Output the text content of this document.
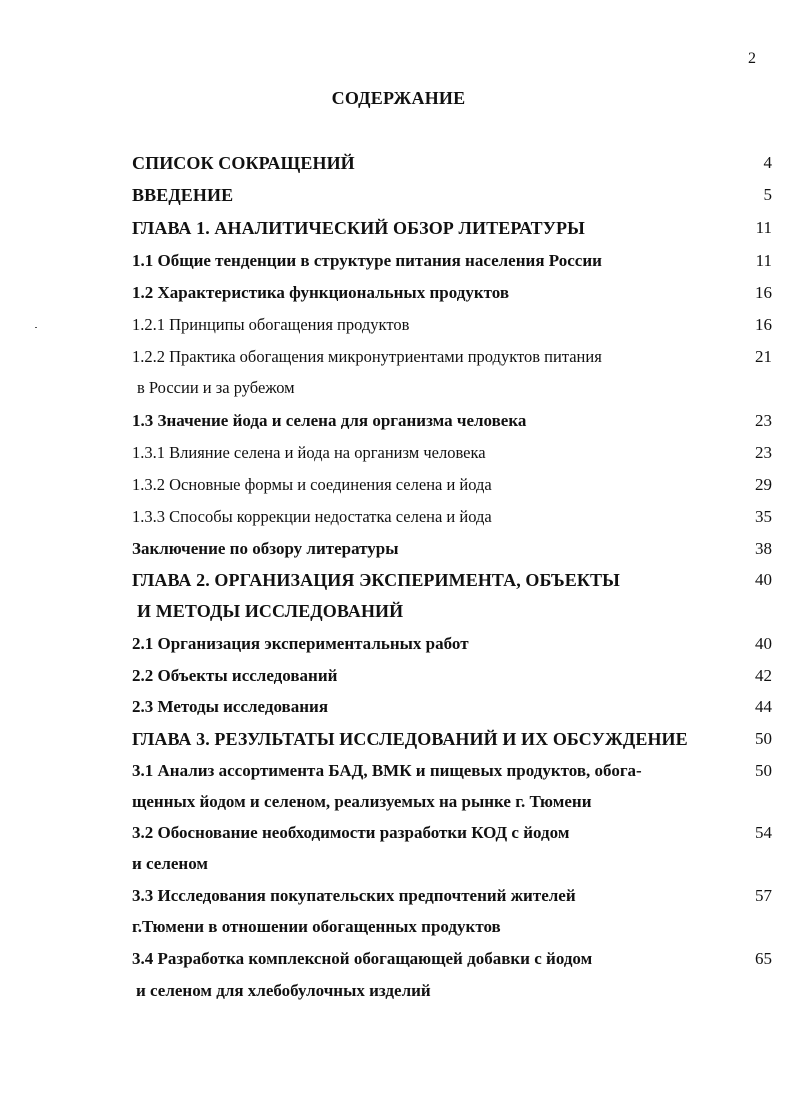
2
СОДЕРЖАНИЕ
СПИСОК СОКРАЩЕНИЙ	4
ВВЕДЕНИЕ	5
ГЛАВА 1. АНАЛИТИЧЕСКИЙ ОБЗОР ЛИТЕРАТУРЫ	11
1.1 Общие тенденции в структуре питания населения России	11
1.2 Характеристика функциональных продуктов	16
1.2.1 Принципы обогащения продуктов	16
1.2.2 Практика обогащения микронутриентами продуктов питания	21
в России и за рубежом
1.3 Значение йода и селена для организма человека	23
1.3.1 Влияние селена и йода на организм человека	23
1.3.2 Основные формы и соединения селена и йода	29
1.3.3 Способы коррекции недостатка селена и йода	35
Заключение по обзору литературы	38
ГЛАВА 2. ОРГАНИЗАЦИЯ ЭКСПЕРИМЕНТА, ОБЪЕКТЫ	40
И МЕТОДЫ ИССЛЕДОВАНИЙ
2.1 Организация экспериментальных работ	40
2.2 Объекты исследований	42
2.3 Методы исследования	44
ГЛАВА 3. РЕЗУЛЬТАТЫ ИССЛЕДОВАНИЙ И ИХ ОБСУЖДЕНИЕ	50
3.1 Анализ ассортимента БАД, ВМК и пищевых продуктов, обога-	50
щенных йодом и селеном, реализуемых на рынке г. Тюмени
3.2 Обоснование необходимости разработки КОД с йодом	54
и селеном
3.3 Исследования покупательских предпочтений жителей	57
г.Тюмени в отношении обогащенных продуктов
3.4 Разработка комплексной обогащающей добавки с йодом	65
и селеном для хлебобулочных изделий
